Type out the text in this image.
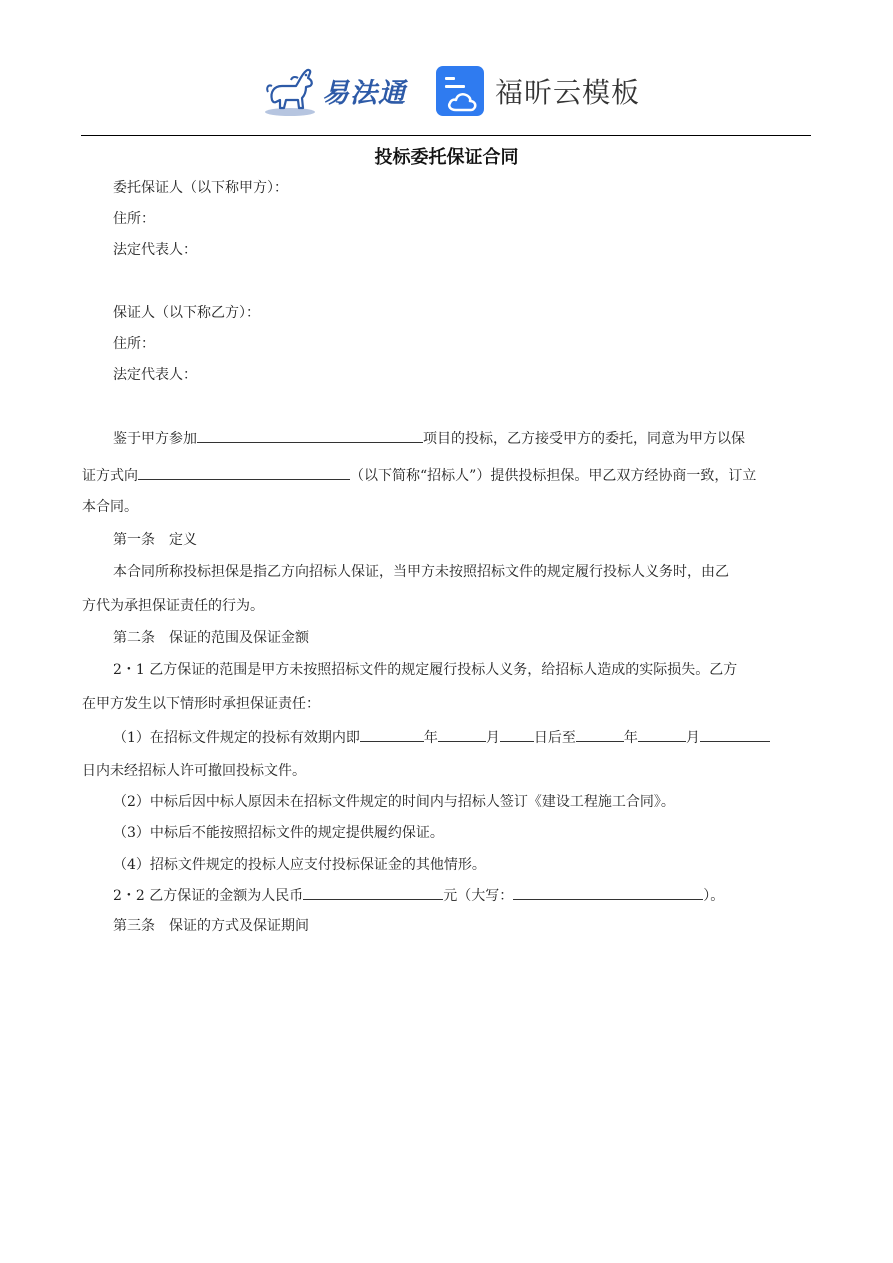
易法通	福昕云模板
投标委托保证合同
委托保证人（以下称甲方）：
住所：
法定代表人：
保证人（以下称乙方）：
住所：
法定代表人：
鉴于甲方参加	项目的投标，乙方接受甲方的委托，同意为甲方以保
证方式向	（以下简称“招标人”）提供投标担保。甲乙双方经协商一致，订立
本合同。
第一条　定义
本合同所称投标担保是指乙方向招标人保证，当甲方未按照招标文件的规定履行投标人义务时，由乙
方代为承担保证责任的行为。
第二条　保证的范围及保证金额
2・1 乙方保证的范围是甲方未按照招标文件的规定履行投标人义务，给招标人造成的实际损失。乙方
在甲方发生以下情形时承担保证责任：
（1）在招标文件规定的投标有效期内即	年	月 日后至	年	月
日内未经招标人许可撤回投标文件。
（2）中标后因中标人原因未在招标文件规定的时间内与招标人签订《建设工程施工合同》。
（3）中标后不能按照招标文件的规定提供履约保证。
（4）招标文件规定的投标人应支付投标保证金的其他情形。
2・2 乙方保证的金额为人民币	元（大写：	）。
第三条　保证的方式及保证期间
